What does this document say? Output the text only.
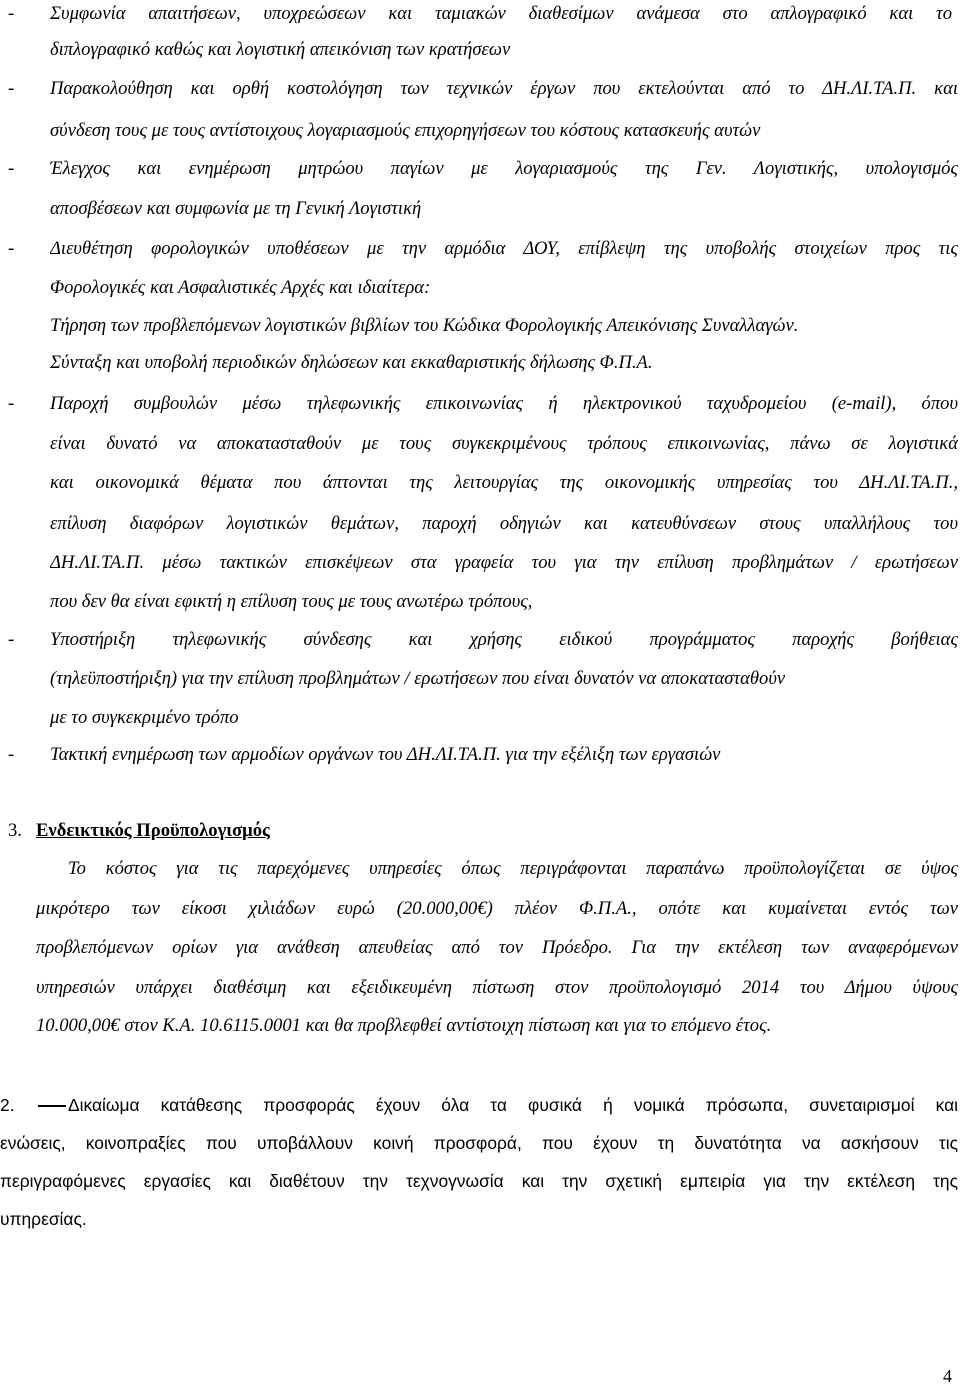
- Συμφωνία απαιτήσεων, υποχρεώσεων και ταμιακών διαθεσίμων ανάμεσα στο απλογραφικό και το
διπλογραφικό καθώς και λογιστική απεικόνιση των κρατήσεων
- Παρακολούθηση και ορθή κοστολόγηση των τεχνικών έργων που εκτελούνται από το ΔΗ.ΛΙ.ΤΑ.Π. και
σύνδεση τους με τους αντίστοιχους λογαριασμούς επιχορηγήσεων του κόστους κατασκευής αυτών
- Έλεγχος και ενημέρωση μητρώου παγίων με λογαριασμούς της Γεν. Λογιστικής, υπολογισμός
αποσβέσεων και συμφωνία με τη Γενική Λογιστική
- Διευθέτηση φορολογικών υποθέσεων με την αρμόδια ΔΟΥ, επίβλεψη της υποβολής στοιχείων προς τις
Φορολογικές και Ασφαλιστικές Αρχές και ιδιαίτερα:
Τήρηση των προβλεπόμενων λογιστικών βιβλίων του Κώδικα Φορολογικής Απεικόνισης Συναλλαγών.
Σύνταξη και υποβολή περιοδικών δηλώσεων και εκκαθαριστικής δήλωσης Φ.Π.Α.
- Παροχή συμβουλών μέσω τηλεφωνικής επικοινωνίας ή ηλεκτρονικού ταχυδρομείου (e-mail), όπου
είναι δυνατό να αποκατασταθούν με τους συγκεκριμένους τρόπους επικοινωνίας, πάνω σε λογιστικά
και οικονομικά θέματα που άπτονται της λειτουργίας της οικονομικής υπηρεσίας του ΔΗ.ΛΙ.ΤΑ.Π.,
επίλυση διαφόρων λογιστικών θεμάτων, παροχή οδηγιών και κατευθύνσεων στους υπαλλήλους του
ΔΗ.ΛΙ.ΤΑ.Π. μέσω τακτικών επισκέψεων στα γραφεία του για την επίλυση προβλημάτων / ερωτήσεων
που δεν θα είναι εφικτή η επίλυση τους με τους ανωτέρω τρόπους,
- Υποστήριξη τηλεφωνικής σύνδεσης και χρήσης ειδικού προγράμματος παροχής βοήθειας
(τηλεϋποστήριξη) για την επίλυση προβλημάτων / ερωτήσεων που είναι δυνατόν να αποκατασταθούν
με το συγκεκριμένο τρόπο
- Τακτική ενημέρωση των αρμοδίων οργάνων του ΔΗ.ΛΙ.ΤΑ.Π. για την εξέλιξη των εργασιών
3. Ενδεικτικός Προϋπολογισμός
Το κόστος για τις παρεχόμενες υπηρεσίες όπως περιγράφονται παραπάνω προϋπολογίζεται σε ύψος
μικρότερο των είκοσι χιλιάδων ευρώ (20.000,00€) πλέον Φ.Π.Α., οπότε και κυμαίνεται εντός των
προβλεπόμενων ορίων για ανάθεση απευθείας από τον Πρόεδρο. Για την εκτέλεση των αναφερόμενων
υπηρεσιών υπάρχει διαθέσιμη και εξειδικευμένη πίστωση στον προϋπολογισμό 2014 του Δήμου ύψους
10.000,00€ στον Κ.Α. 10.6115.0001 και θα προβλεφθεί αντίστοιχη πίστωση και για το επόμενο έτος.
2.	Δικαίωμα κατάθεσης προσφοράς έχουν όλα τα φυσικά ή νομικά πρόσωπα, συνεταιρισμοί και
ενώσεις, κοινοπραξίες που υποβάλλουν κοινή προσφορά, που έχουν τη δυνατότητα να ασκήσουν τις
περιγραφόμενες εργασίες και διαθέτουν την τεχνογνωσία και την σχετική εμπειρία για την εκτέλεση της
υπηρεσίας.
4
